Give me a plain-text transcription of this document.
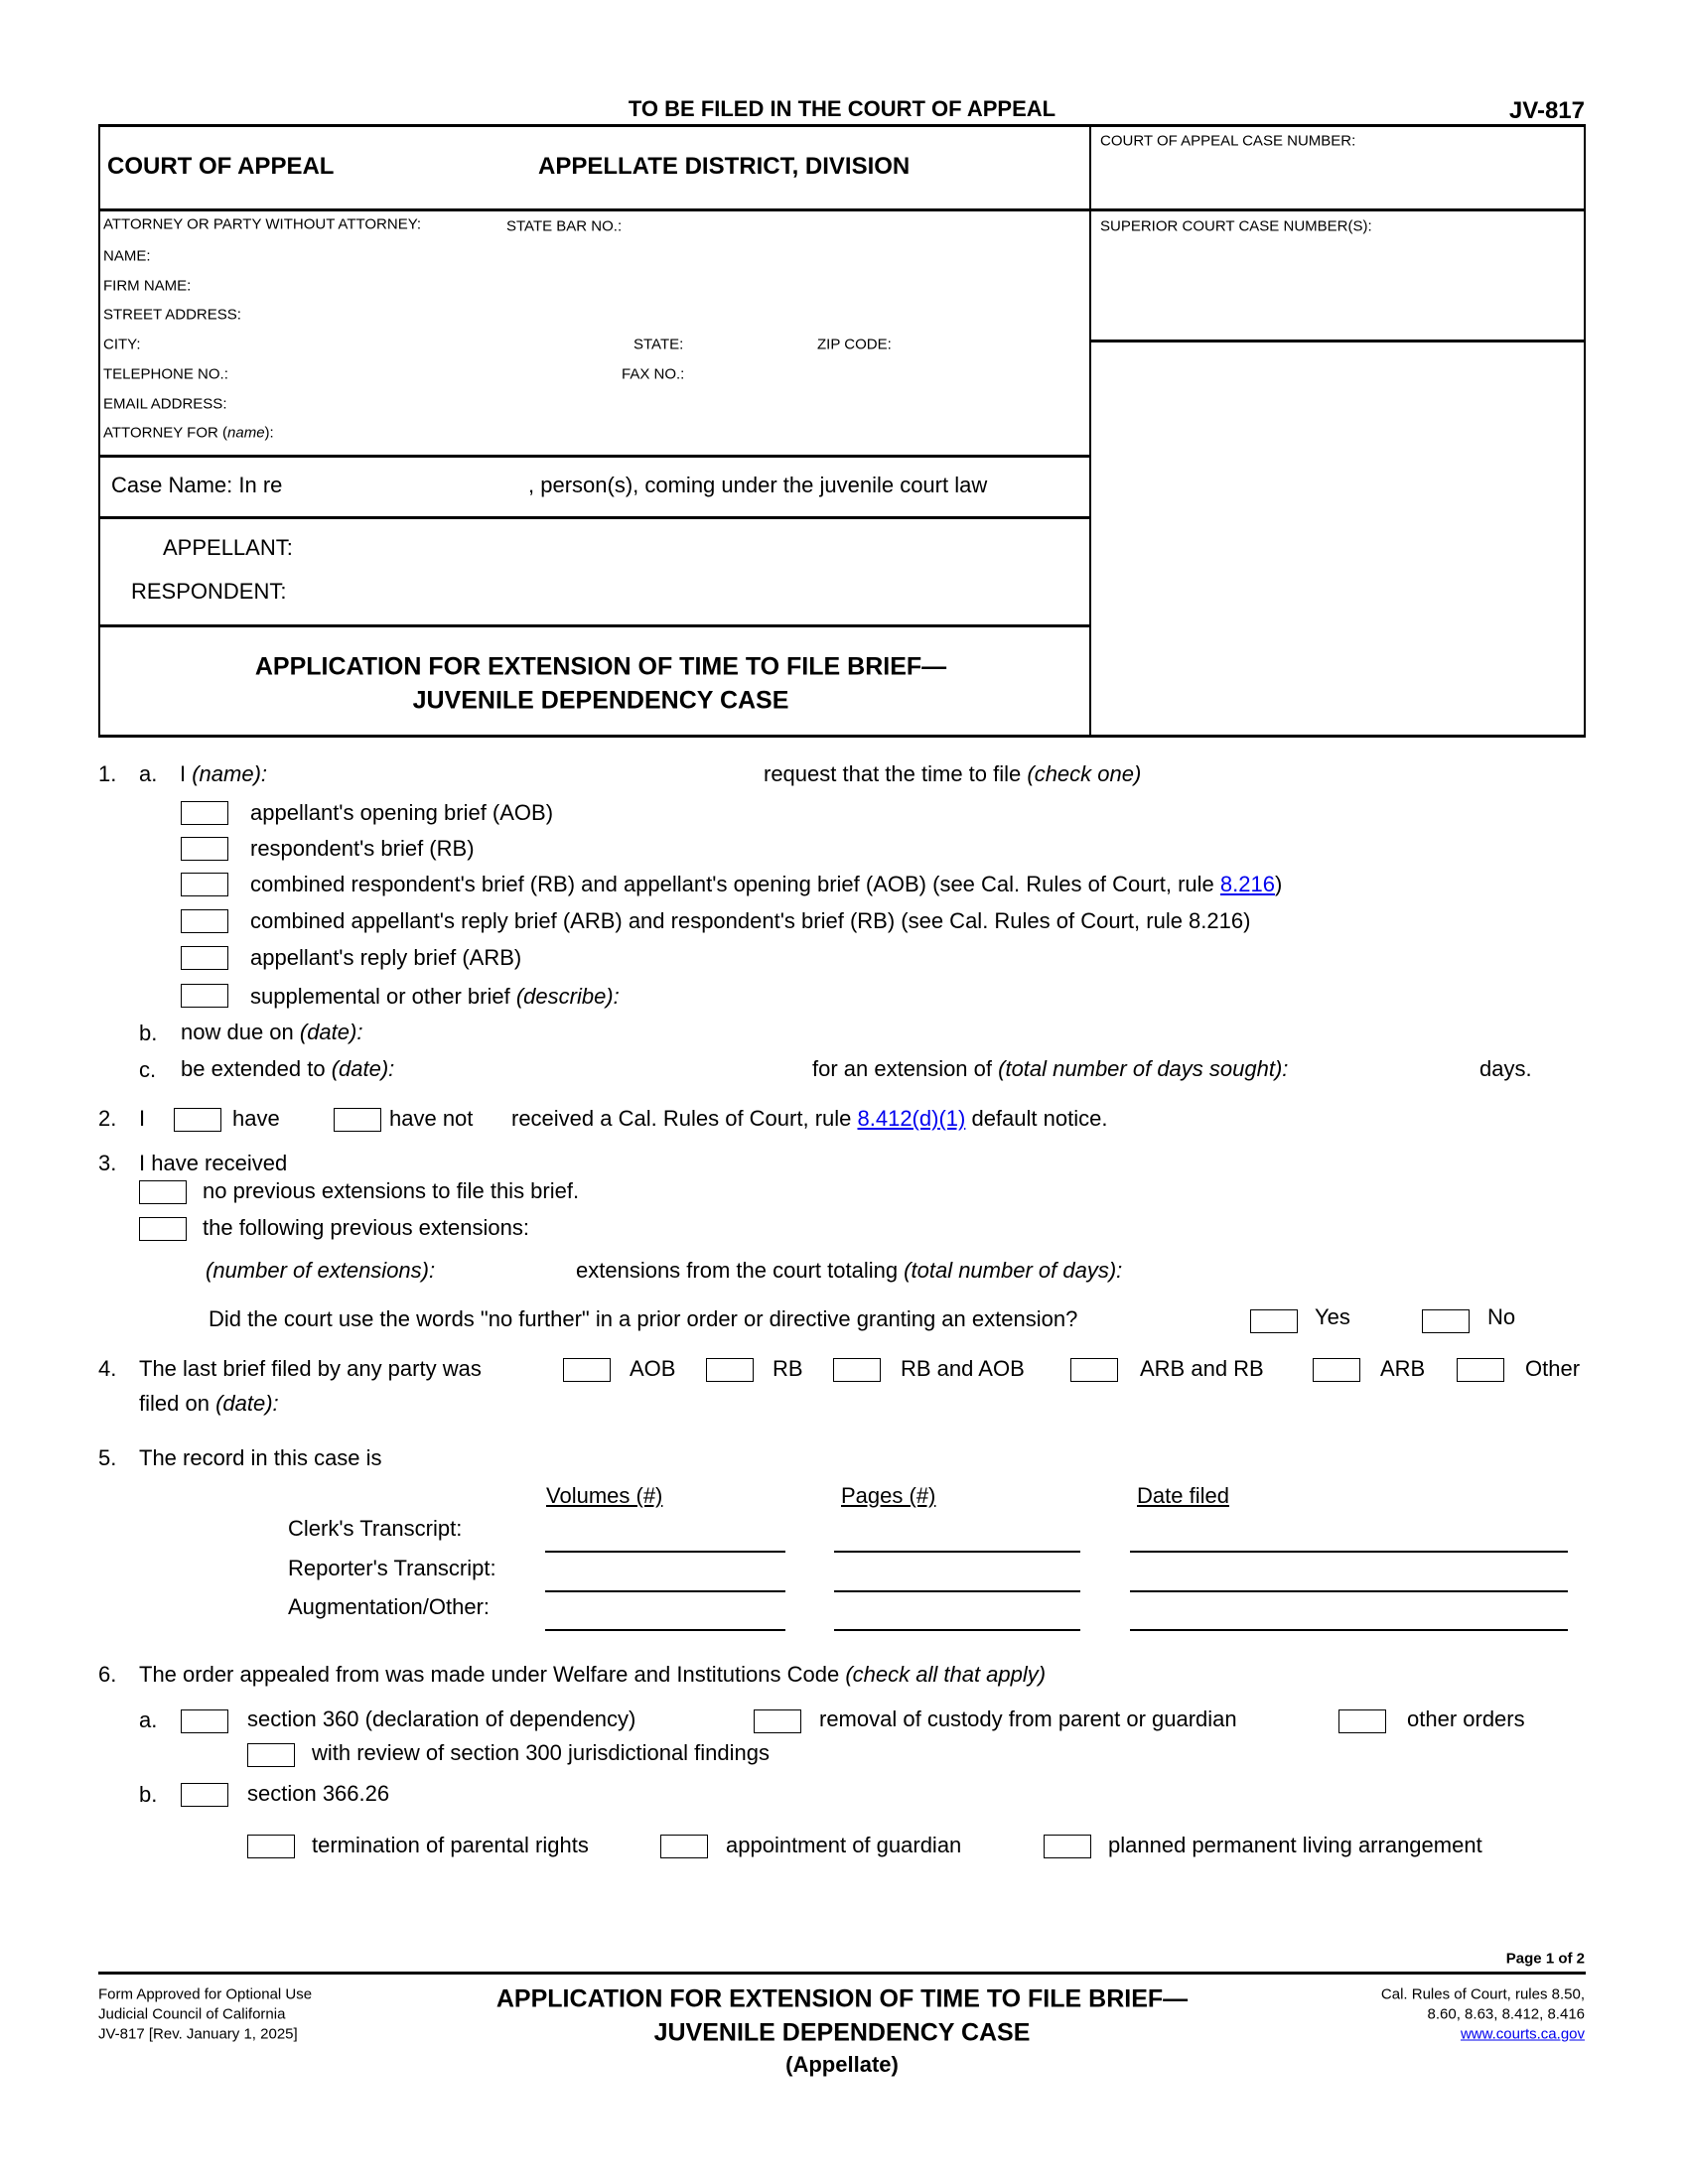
TO BE FILED IN THE COURT OF APPEAL	JV-817
COURT OF APPEAL	APPELLATE DISTRICT, DIVISION
COURT OF APPEAL CASE NUMBER:
SUPERIOR COURT CASE NUMBER(S):
ATTORNEY OR PARTY WITHOUT ATTORNEY:	STATE BAR NO.:
NAME:
FIRM NAME:
STREET ADDRESS:
CITY:	STATE:	ZIP CODE:
TELEPHONE NO.:	FAX NO.:
EMAIL ADDRESS:
ATTORNEY FOR (name):
Case Name: In re	, person(s), coming under the juvenile court law
APPELLANT:
RESPONDENT:
APPLICATION FOR EXTENSION OF TIME TO FILE BRIEF—
JUVENILE DEPENDENCY CASE
1. a. I (name):	request that the time to file (check one)
appellant's opening brief (AOB)
respondent's brief (RB)
combined respondent's brief (RB) and appellant's opening brief (AOB) (see Cal. Rules of Court, rule 8.216)
combined appellant's reply brief (ARB) and respondent's brief (RB) (see Cal. Rules of Court, rule 8.216)
appellant's reply brief (ARB)
supplemental or other brief (describe):
b. now due on (date):
c. be extended to (date):	for an extension of (total number of days sought):	days.
2. I	have	have not received a Cal. Rules of Court, rule 8.412(d)(1) default notice.
3. I have received
no previous extensions to file this brief.
the following previous extensions:
(number of extensions):	extensions from the court totaling (total number of days):
Did the court use the words "no further" in a prior order or directive granting an extension?	Yes	No
4. The last brief filed by any party was	AOB	RB	RB and AOB	ARB and RB	ARB	Other
filed on (date):
5. The record in this case is
Volumes (#)	Pages (#)	Date filed
Clerk's Transcript:
Reporter's Transcript:
Augmentation/Other:
6. The order appealed from was made under Welfare and Institutions Code (check all that apply)
a.	section 360 (declaration of dependency)	removal of custody from parent or guardian	other orders
with review of section 300 jurisdictional findings
b.	section 366.26
termination of parental rights	appointment of guardian	planned permanent living arrangement
Page 1 of 2
Form Approved for Optional Use
Judicial Council of California
JV-817 [Rev. January 1, 2025]
APPLICATION FOR EXTENSION OF TIME TO FILE BRIEF—
JUVENILE DEPENDENCY CASE
(Appellate)
Cal. Rules of Court, rules 8.50,
8.60, 8.63, 8.412, 8.416
www.courts.ca.gov
